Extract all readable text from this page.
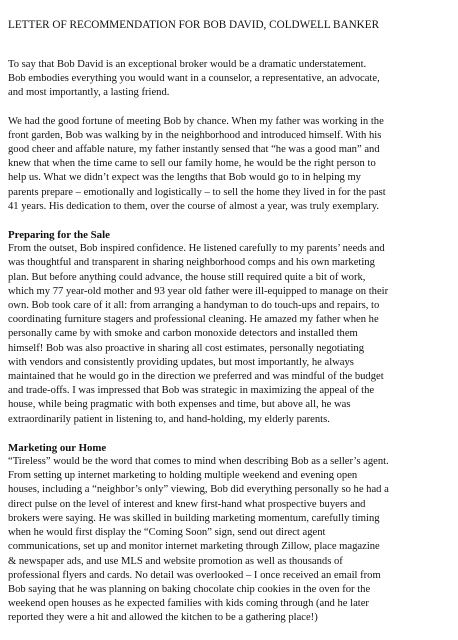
LETTER OF RECOMMENDATION FOR BOB DAVID, COLDWELL BANKER
To say that Bob David is an exceptional broker would be a dramatic understatement.
Bob embodies everything you would want in a counselor, a representative, an advocate,
and most importantly, a lasting friend.
We had the good fortune of meeting Bob by chance. When my father was working in the
front garden, Bob was walking by in the neighborhood and introduced himself. With his
good cheer and affable nature, my father instantly sensed that “he was a good man” and
knew that when the time came to sell our family home, he would be the right person to
help us. What we didn’t expect was the lengths that Bob would go to in helping my
parents prepare – emotionally and logistically – to sell the home they lived in for the past
41 years. His dedication to them, over the course of almost a year, was truly exemplary.
Preparing for the Sale
From the outset, Bob inspired confidence. He listened carefully to my parents’ needs and
was thoughtful and transparent in sharing neighborhood comps and his own marketing
plan. But before anything could advance, the house still required quite a bit of work,
which my 77 year-old mother and 93 year old father were ill-equipped to manage on their
own. Bob took care of it all: from arranging a handyman to do touch-ups and repairs, to
coordinating furniture stagers and professional cleaning. He amazed my father when he
personally came by with smoke and carbon monoxide detectors and installed them
himself! Bob was also proactive in sharing all cost estimates, personally negotiating
with vendors and consistently providing updates, but most importantly, he always
maintained that he would go in the direction we preferred and was mindful of the budget
and trade-offs. I was impressed that Bob was strategic in maximizing the appeal of the
house, while being pragmatic with both expenses and time, but above all, he was
extraordinarily patient in listening to, and hand-holding, my elderly parents.
Marketing our Home
“Tireless” would be the word that comes to mind when describing Bob as a seller’s agent.
From setting up internet marketing to holding multiple weekend and evening open
houses, including a “neighbor’s only” viewing, Bob did everything personally so he had a
direct pulse on the level of interest and knew first-hand what prospective buyers and
brokers were saying. He was skilled in building marketing momentum, carefully timing
when he would first display the “Coming Soon” sign, send out direct agent
communications, set up and monitor internet marketing through Zillow, place magazine
& newspaper ads, and use MLS and website promotion as well as thousands of
professional flyers and cards. No detail was overlooked – I once received an email from
Bob saying that he was planning on baking chocolate chip cookies in the oven for the
weekend open houses as he expected families with kids coming through (and he later
reported they were a hit and allowed the kitchen to be a gathering place!)
